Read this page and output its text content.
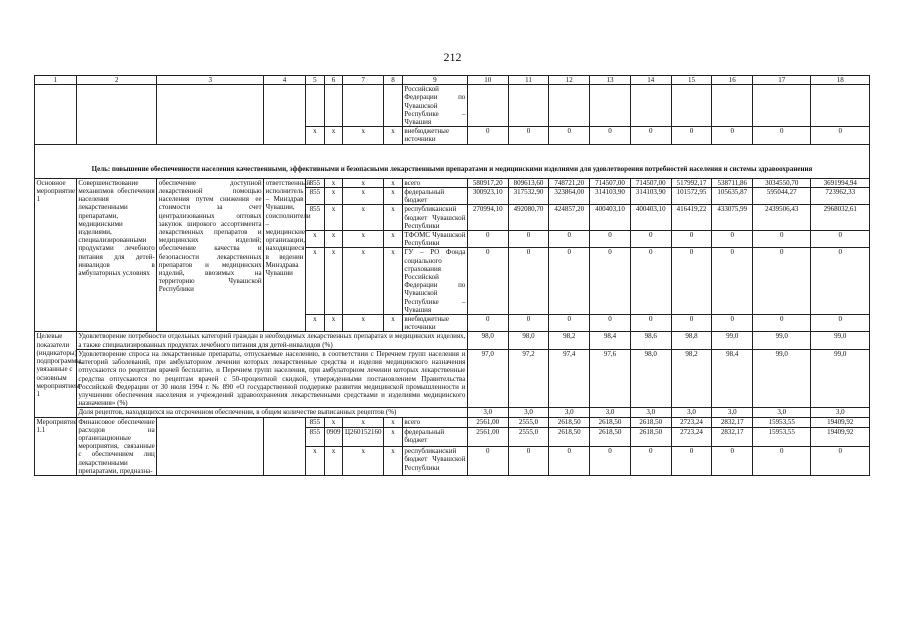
212
1	2	3	4	5	6	7	8	9	10	11	12	13	14	15	16	17	18
								Российской Федерации по Чувашской Республике – Чувашия									
				x	x	x	x	внебюджетные источники	0	0	0	0	0	0	0	0	0
Цель: повышение обеспеченности населения качественными, эффективными и безопасными лекарственными препаратами и медицинскими изделиями для удовлетворения потребностей населения и системы здравоохранения																	
Основное мероприятие 1	Совершенствование механизмов обеспечения населения лекарственными препаратами, медицинскими изделиями, специализированными продуктами лечебного питания для детей-инвалидов в амбулаторных условиях	обеспечение доступной лекарственной помощью населения путем снижения ее стоимости за счет централизованных оптовых закупок широкого ассортимента лекарственных препаратов и медицинских изделий; обеспечение качества и безопасности лекарственных препаратов и медицинских изделий, ввозимых на территорию Чувашской Республики	ответственный исполнитель – Минздрав Чувашии, соисполнители – медицинские организации, находящиеся в ведении Минздрава Чувашии	855	x	x	x	всего	580917,20	809613,60	748721,20	714507,00	714507,00	517992,17	538711,86	3034550,70	3691994,94
				855	x	x	x	федеральный бюджет	300923,10	317532,90	323864,00	314103,90	314103,90	101572,95	105635,87	595044,27	723962,33
				855	x	x	x	республиканский бюджет Чувашской Республики	270994,10	492080,70	424857,20	400403,10	400403,10	416419,22	433075,99	2439506,43	2968032,61
				x	x	x	x	ТФОМС Чувашской Республики	0	0	0	0	0	0	0	0	0
				x	x	x	x	ГУ – РО Фонда социального страхования Российской Федерации по Чувашской Республике – Чувашия	0	0	0	0	0	0	0	0	0
				x	x	x	x	внебюджетные источники	0	0	0	0	0	0	0	0	0
Целевые показатели (индикаторы) подпрограммы, увязанные с основным мероприятием 1	Удовлетворение потребности отдельных категорий граждан в необходимых лекарственных препаратах и медицинских изделиях, а также специализированных продуктах лечебного питания для детей-инвалидов (%)								98,0	98,0	98,2	98,4	98,6	98,8	99,0	99,0	99,0
	Удовлетворение спроса на лекарственные препараты, отпускаемые населению, в соответствии с Перечнем групп населения и категорий заболеваний, при амбулаторном лечении которых лекарственные средства и изделия медицинского назначения отпускаются по рецептам врачей бесплатно, и Перечнем групп населения, при амбулаторном лечении которых лекарственные средства отпускаются по рецептам врачей с 50-процентной скидкой, утвержденными постановлением Правительства Российской Федерации от 30 июля 1994 г. № 890 «О государственной поддержке развития медицинской промышленности и улучшении обеспечения населения и учреждений здравоохранения лекарственными средствами и изделиями медицинского назначения» (%)								97,0	97,2	97,4	97,6	98,0	98,2	98,4	99,0	99,0
	Доля рецептов, находящихся на отсроченном обеспечении, в общем количестве выписанных рецептов (%)								3,0	3,0	3,0	3,0	3,0	3,0	3,0	3,0	3,0
Мероприятие 1.1	Финансовое обеспечение расходов на организационные мероприятия, связанные с обеспечением лиц лекарственными препаратами, предназна-			855	x	x	x	всего	2561,00	2555,0	2618,50	2618,50	2618,50	2723,24	2832,17	15953,55	19409,92
				855	0909	Ц260152160	x	федеральный бюджет	2561,00	2555,0	2618,50	2618,50	2618,50	2723,24	2832,17	15953,55	19409,92
				x	x	x	x	республиканский бюджет Чувашской Республики	0	0	0	0	0	0	0	0	0
